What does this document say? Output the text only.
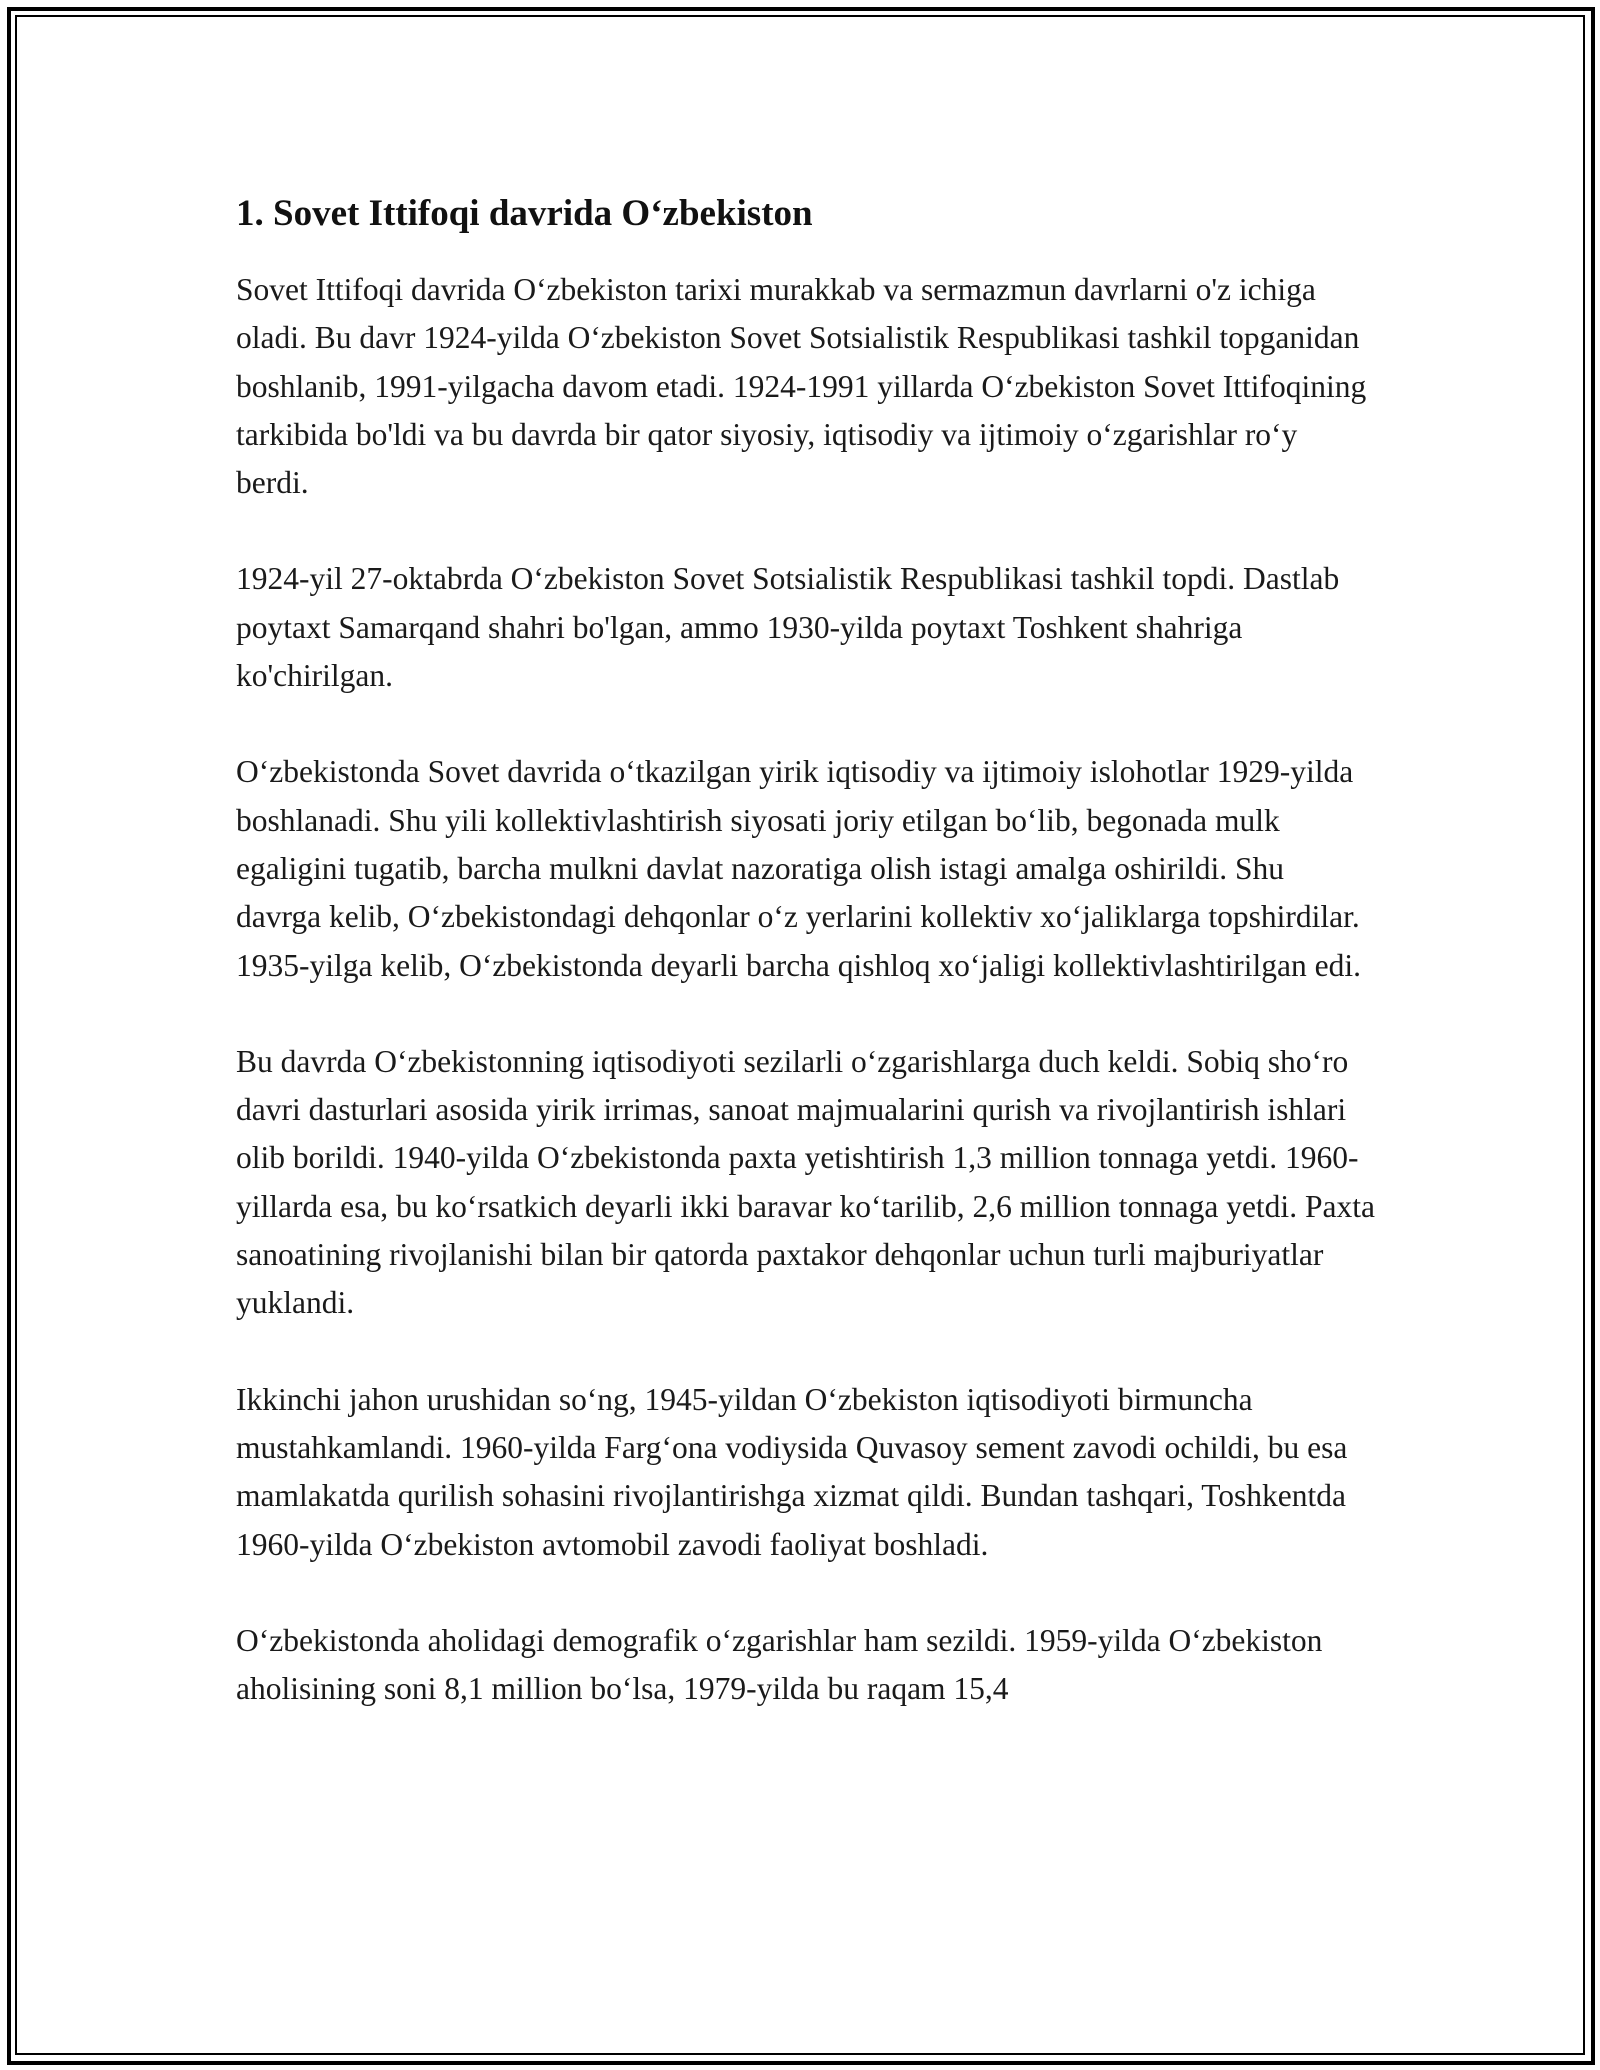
1. Sovet Ittifoqi davrida O‘zbekiston

Sovet Ittifoqi davrida O‘zbekiston tarixi murakkab va sermazmun davrlarni o'z ichiga oladi. Bu davr 1924-yilda O‘zbekiston Sovet Sotsialistik Respublikasi tashkil topganidan boshlanib, 1991-yilgacha davom etadi. 1924-1991 yillarda O‘zbekiston Sovet Ittifoqining tarkibida bo'ldi va bu davrda bir qator siyosiy, iqtisodiy va ijtimoiy o‘zgarishlar ro‘y berdi.

1924-yil 27-oktabrda O‘zbekiston Sovet Sotsialistik Respublikasi tashkil topdi. Dastlab poytaxt Samarqand shahri bo'lgan, ammo 1930-yilda poytaxt Toshkent shahriga ko'chirilgan.

O‘zbekistonda Sovet davrida o‘tkazilgan yirik iqtisodiy va ijtimoiy islohotlar 1929-yilda boshlanadi. Shu yili kollektivlashtirish siyosati joriy etilgan bo‘lib, begonada mulk egaligini tugatib, barcha mulkni davlat nazoratiga olish istagi amalga oshirildi. Shu davrga kelib, O‘zbekistondagi dehqonlar o‘z yerlarini kollektiv xo‘jaliklarga topshirdilar. 1935-yilga kelib, O‘zbekistonda deyarli barcha qishloq xo‘jaligi kollektivlashtirilgan edi.

Bu davrda O‘zbekistonning iqtisodiyoti sezilarli o‘zgarishlarga duch keldi. Sobiq sho‘ro davri dasturlari asosida yirik irrimas, sanoat majmualarini qurish va rivojlantirish ishlari olib borildi. 1940-yilda O‘zbekistonda paxta yetishtirish 1,3 million tonnaga yetdi. 1960-yillarda esa, bu ko‘rsatkich deyarli ikki baravar ko‘tarilib, 2,6 million tonnaga yetdi. Paxta sanoatining rivojlanishi bilan bir qatorda paxtakor dehqonlar uchun turli majburiyatlar yuklandi.

Ikkinchi jahon urushidan so‘ng, 1945-yildan O‘zbekiston iqtisodiyoti birmuncha mustahkamlandi. 1960-yilda Farg‘ona vodiysida Quvasoy sement zavodi ochildi, bu esa mamlakatda qurilish sohasini rivojlantirishga xizmat qildi. Bundan tashqari, Toshkentda 1960-yilda O‘zbekiston avtomobil zavodi faoliyat boshladi.

O‘zbekistonda aholidagi demografik o‘zgarishlar ham sezildi. 1959-yilda O‘zbekiston aholisining soni 8,1 million bo‘lsa, 1979-yilda bu raqam 15,4
